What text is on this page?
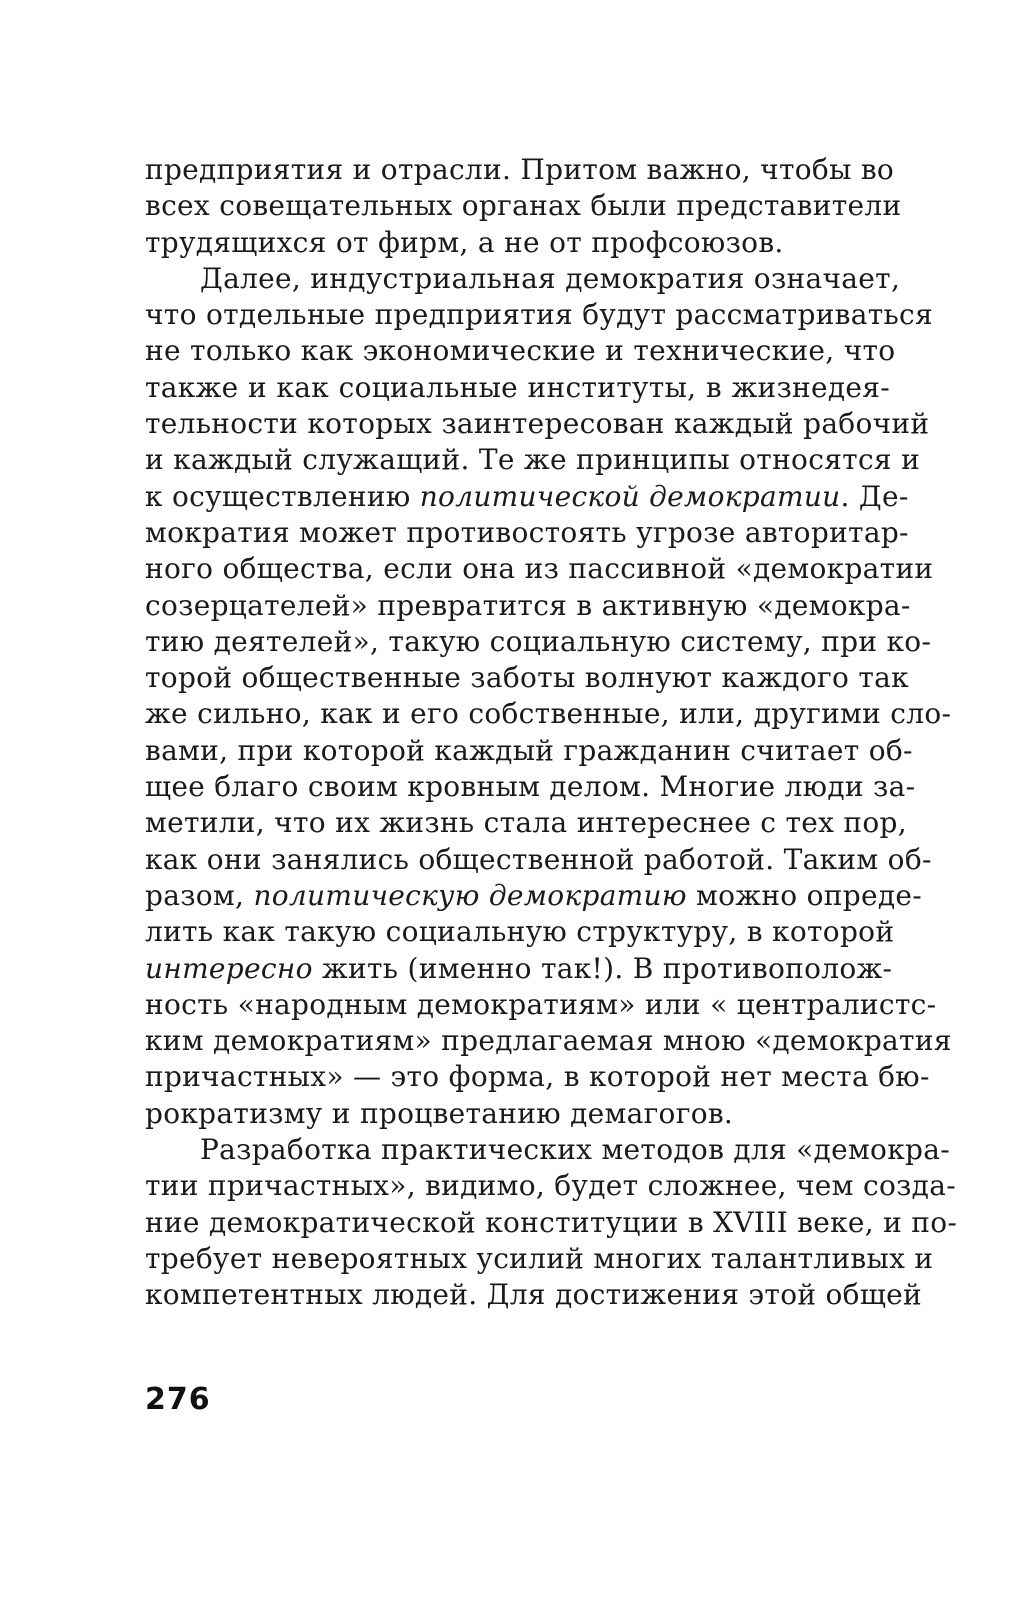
предприятия и отрасли. Притом важно, чтобы во
всех совещательных органах были представители
трудящихся от фирм, а не от профсоюзов.
Далее, индустриальная демократия означает,
что отдельные предприятия будут рассматриваться
не только как экономические и технические, что
также и как социальные институты, в жизнедея-
тельности которых заинтересован каждый рабочий
и каждый служащий. Те же принципы относятся и
к осуществлению политической демократии. Де-
мократия может противостоять угрозе авторитар-
ного общества, если она из пассивной «демократии
созерцателей» превратится в активную «демокра-
тию деятелей», такую социальную систему, при ко-
торой общественные заботы волнуют каждого так
же сильно, как и его собственные, или, другими сло-
вами, при которой каждый гражданин считает об-
щее благо своим кровным делом. Многие люди за-
метили, что их жизнь стала интереснее с тех пор,
как они занялись общественной работой. Таким об-
разом, политическую демократию можно опреде-
лить как такую социальную структуру, в которой
интересно жить (именно так!). В противополож-
ность «народным демократиям» или « централистс-
ким демократиям» предлагаемая мною «демократия
причастных» — это форма, в которой нет места бю-
рократизму и процветанию демагогов.
Разработка практических методов для «демокра-
тии причастных», видимо, будет сложнее, чем созда-
ние демократической конституции в XVIII веке, и по-
требует невероятных усилий многих талантливых и
компетентных людей. Для достижения этой общей
276
